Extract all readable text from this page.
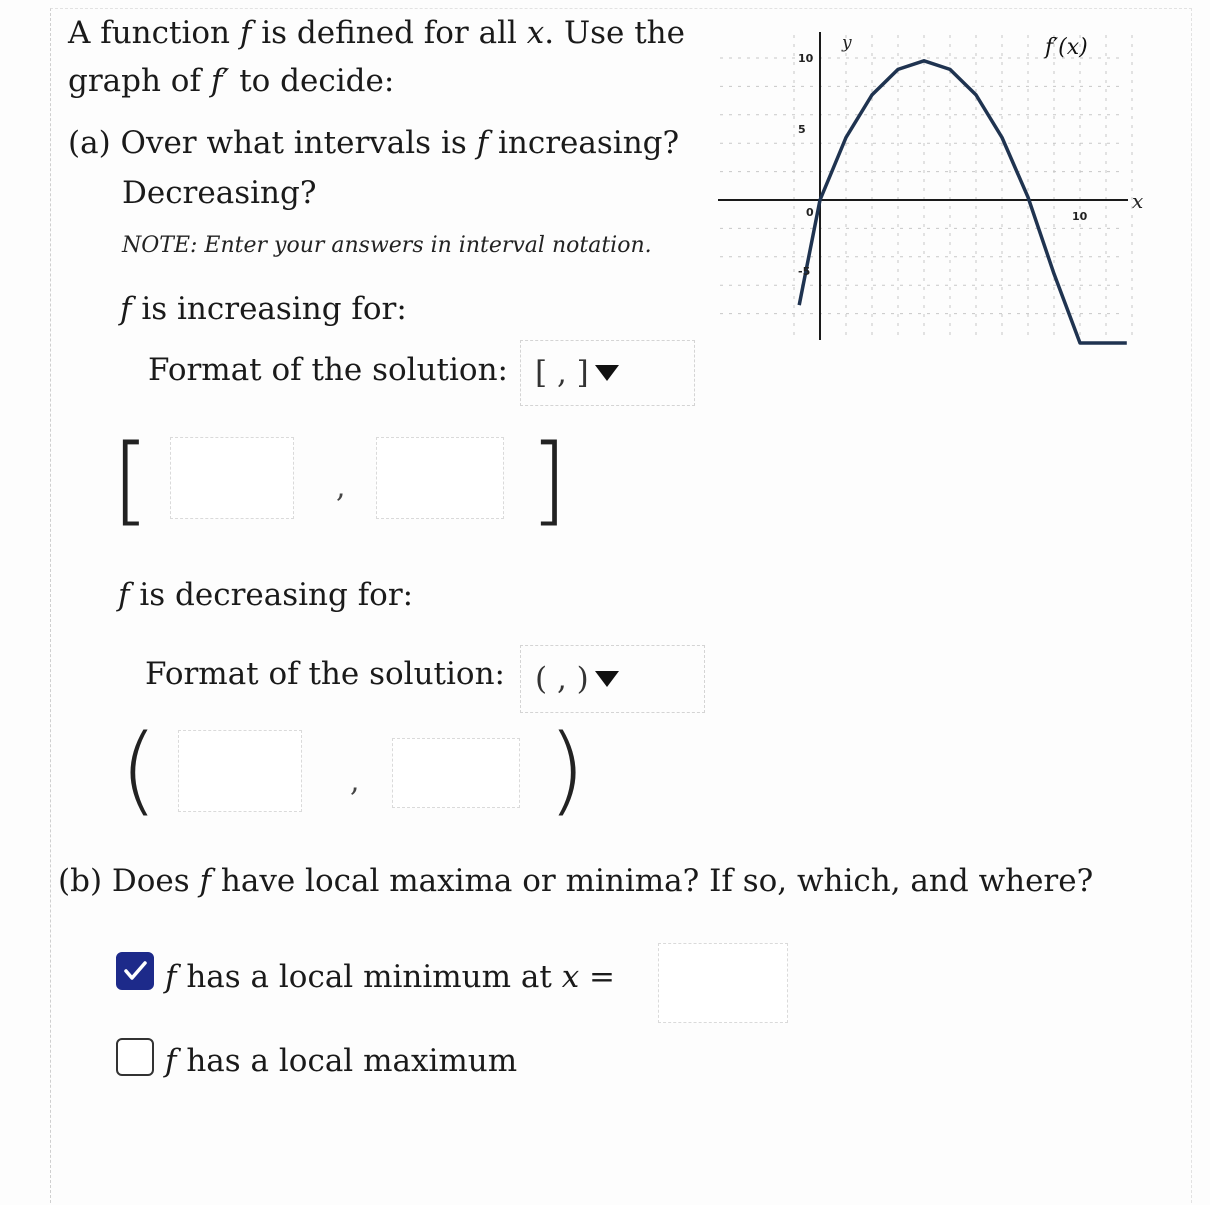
A function f is defined for all x. Use the
graph of f′ to decide:
(a) Over what intervals is f increasing?
Decreasing?
NOTE: Enter your answers in interval notation.
f is increasing for:
Format of the solution: [ , ]
[	, ]
f is decreasing for:
Format of the solution: ( , )
(	, )
(b) Does f have local maxima or minima? If so, which, and where?
f has a local minimum at x =
f has a local maximum
10
5
0
-5
10
y
x
f′(x)
